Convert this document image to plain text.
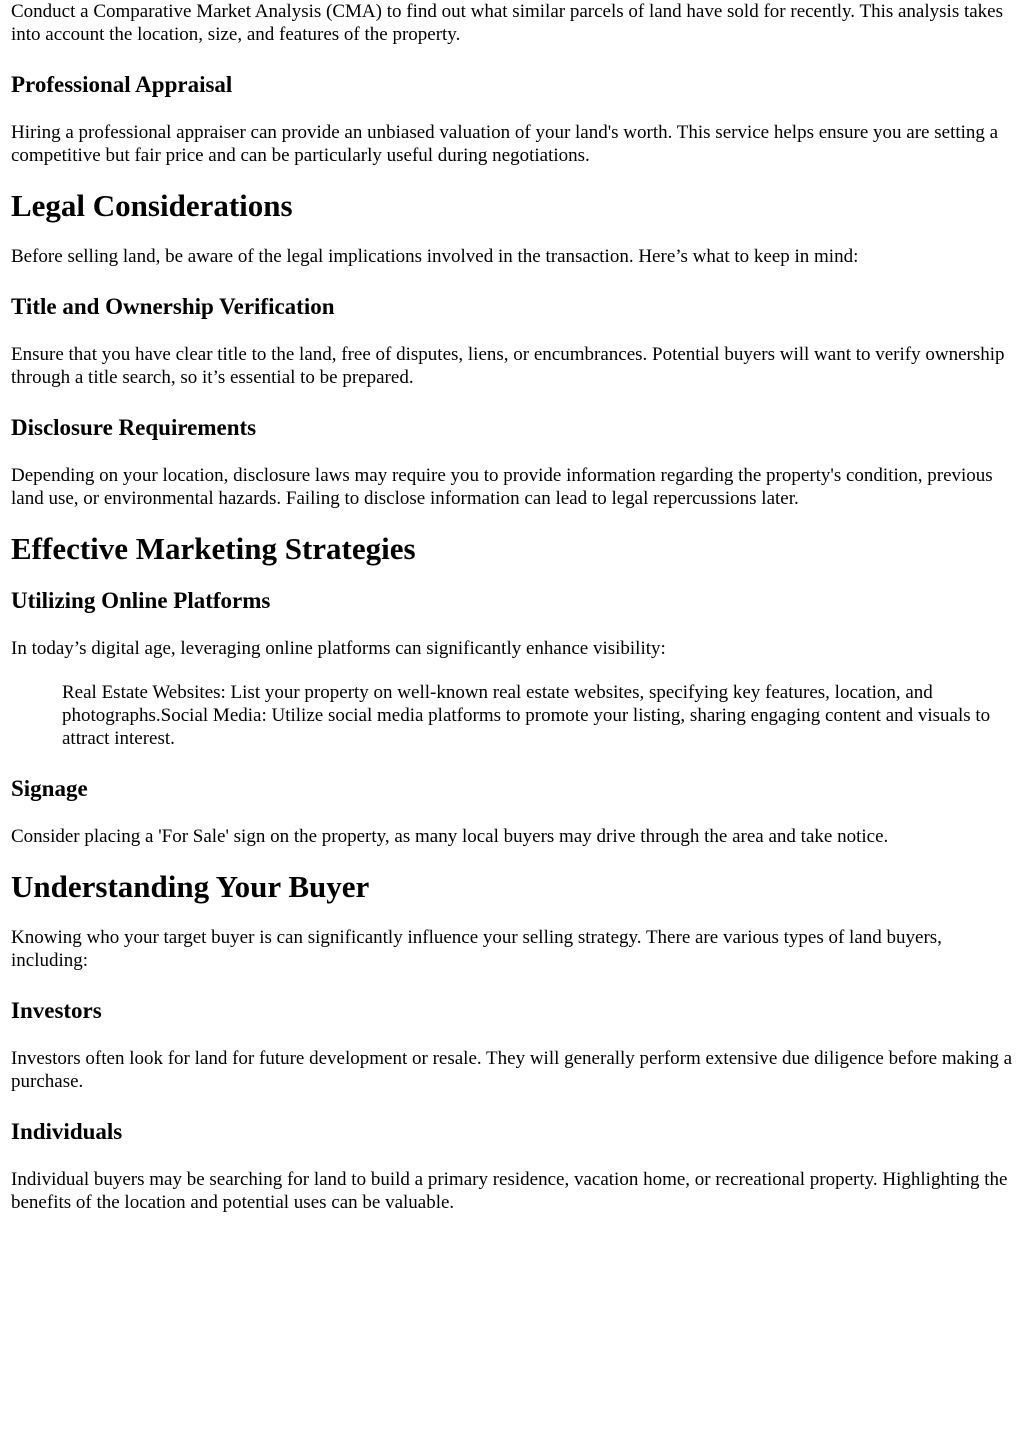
Conduct a Comparative Market Analysis (CMA) to find out what similar parcels of land have sold for recently. This analysis takes into account the location, size, and features of the property.

Professional Appraisal

Hiring a professional appraiser can provide an unbiased valuation of your land's worth. This service helps ensure you are setting a competitive but fair price and can be particularly useful during negotiations.

Legal Considerations

Before selling land, be aware of the legal implications involved in the transaction. Here’s what to keep in mind:

Title and Ownership Verification

Ensure that you have clear title to the land, free of disputes, liens, or encumbrances. Potential buyers will want to verify ownership through a title search, so it’s essential to be prepared.

Disclosure Requirements

Depending on your location, disclosure laws may require you to provide information regarding the property's condition, previous land use, or environmental hazards. Failing to disclose information can lead to legal repercussions later.

Effective Marketing Strategies
Utilizing Online Platforms

In today’s digital age, leveraging online platforms can significantly enhance visibility:

Real Estate Websites: List your property on well-known real estate websites, specifying key features, location, and photographs.Social Media: Utilize social media platforms to promote your listing, sharing engaging content and visuals to attract interest.
Signage

Consider placing a 'For Sale' sign on the property, as many local buyers may drive through the area and take notice.

Understanding Your Buyer

Knowing who your target buyer is can significantly influence your selling strategy. There are various types of land buyers, including:

Investors

Investors often look for land for future development or resale. They will generally perform extensive due diligence before making a purchase.

Individuals

Individual buyers may be searching for land to build a primary residence, vacation home, or recreational property. Highlighting the benefits of the location and potential uses can be valuable.
